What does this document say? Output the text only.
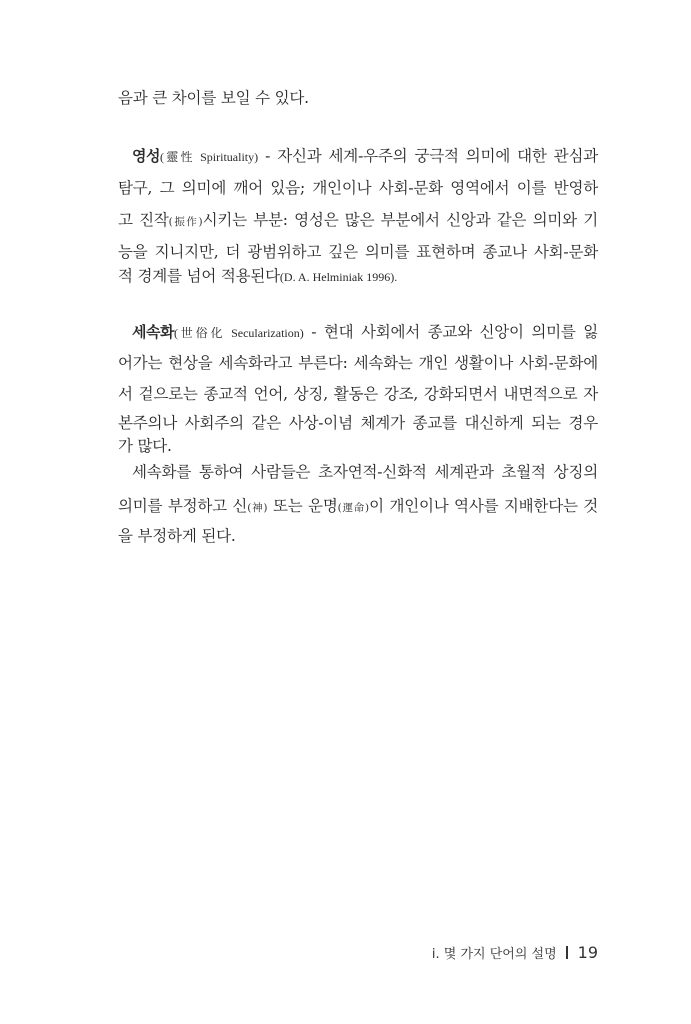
음과 큰 차이를 보일 수 있다.
영성(靈性 Spirituality) - 자신과 세계-우주의 궁극적 의미에 대한 관심과
탐구, 그 의미에 깨어 있음; 개인이나 사회-문화 영역에서 이를 반영하
고 진작(振作)시키는 부분: 영성은 많은 부분에서 신앙과 같은 의미와 기
능을 지니지만, 더 광범위하고 깊은 의미를 표현하며 종교나 사회-문화
적 경계를 넘어 적용된다(D. A. Helminiak 1996).
세속화(世俗化 Secularization) - 현대 사회에서 종교와 신앙이 의미를 잃
어가는 현상을 세속화라고 부른다: 세속화는 개인 생활이나 사회-문화에
서 겉으로는 종교적 언어, 상징, 활동은 강조, 강화되면서 내면적으로 자
본주의나 사회주의 같은 사상-이념 체계가 종교를 대신하게 되는 경우
가 많다.
세속화를 통하여 사람들은 초자연적-신화적 세계관과 초월적 상징의
의미를 부정하고 신(神) 또는 운명(運命)이 개인이나 역사를 지배한다는 것
을 부정하게 된다.
i. 몇 가지 단어의 설명 19
